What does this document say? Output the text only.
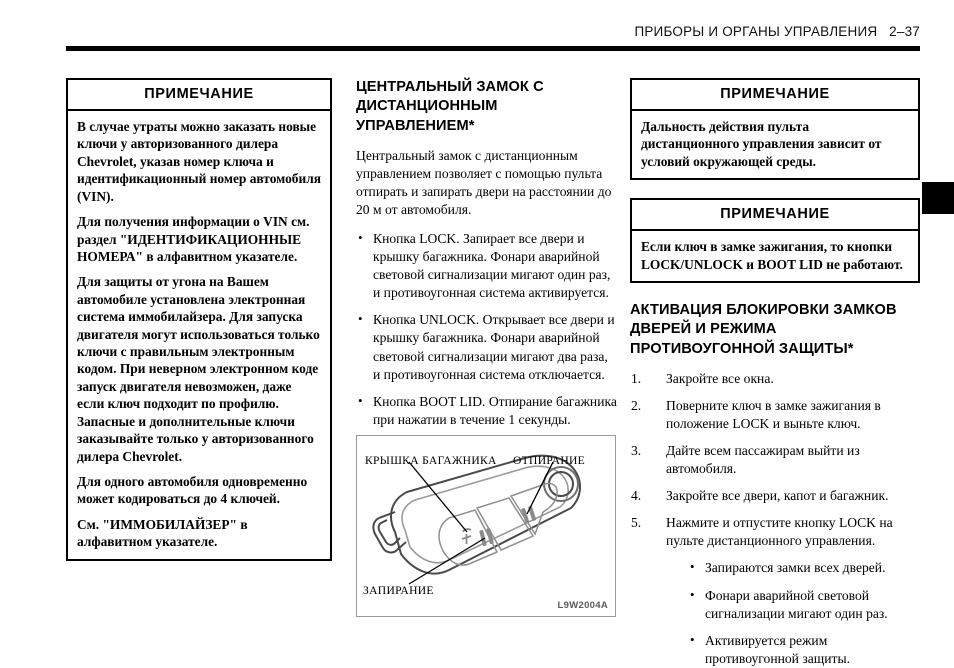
ПРИБОРЫ И ОРГАНЫ УПРАВЛЕНИЯ   2–37
ПРИМЕЧАНИЕ

В случае утраты можно заказать новые ключи у авторизованного дилера Chevrolet, указав номер ключа и идентификационный номер автомобиля (VIN).

Для получения информации о VIN см. раздел "ИДЕНТИФИКАЦИОННЫЕ НОМЕРА" в алфавитном указателе.

Для защиты от угона на Вашем автомобиле установлена электронная система иммобилайзера. Для запуска двигателя могут использоваться только ключи с правильным электронным кодом. При неверном электронном коде запуск двигателя невозможен, даже если ключ подходит по профилю. Запасные и дополнительные ключи заказывайте только у авторизованного дилера Chevrolet.

Для одного автомобиля одновременно может кодироваться до 4 ключей.

См. "ИММОБИЛАЙЗЕР" в алфавитном указателе.

ЦЕНТРАЛЬНЫЙ ЗАМОК С ДИСТАНЦИОННЫМ УПРАВЛЕНИЕМ*

Центральный замок с дистанционным управлением позволяет с помощью пульта отпирать и запирать двери на расстоянии до 20 м от автомобиля.

• Кнопка LOCK. Запирает все двери и крышку багажника. Фонари аварийной световой сигнализации мигают один раз, и противоугонная система активируется.
• Кнопка UNLOCK. Открывает все двери и крышку багажника. Фонари аварийной световой сигнализации мигают два раза, и противоугонная система отключается.
• Кнопка BOOT LID. Отпирание багажника при нажатии в течение 1 секунды.
КРЫШКА БАГАЖНИКА ОТПИРАНИЕ
ЗАПИРАНИЕ
L9W2004A
ПРИМЕЧАНИЕ

Дальность действия пульта дистанционного управления зависит от условий окружающей среды.

ПРИМЕЧАНИЕ

Если ключ в замке зажигания, то кнопки LOCK/UNLOCK и BOOT LID не работают.

АКТИВАЦИЯ БЛОКИРОВКИ ЗАМКОВ ДВЕРЕЙ И РЕЖИМА ПРОТИВОУГОННОЙ ЗАЩИТЫ*
1. Закройте все окна.
2. Поверните ключ в замке зажигания в положение LOCK и выньте ключ.
3. Дайте всем пассажирам выйти из автомобиля.
4. Закройте все двери, капот и багажник.
5. Нажмите и отпустите кнопку LOCK на пульте дистанционного управления.
• Запираются замки всех дверей.
• Фонари аварийной световой сигнализации мигают один раз.
• Активируется режим противоугонной защиты.
